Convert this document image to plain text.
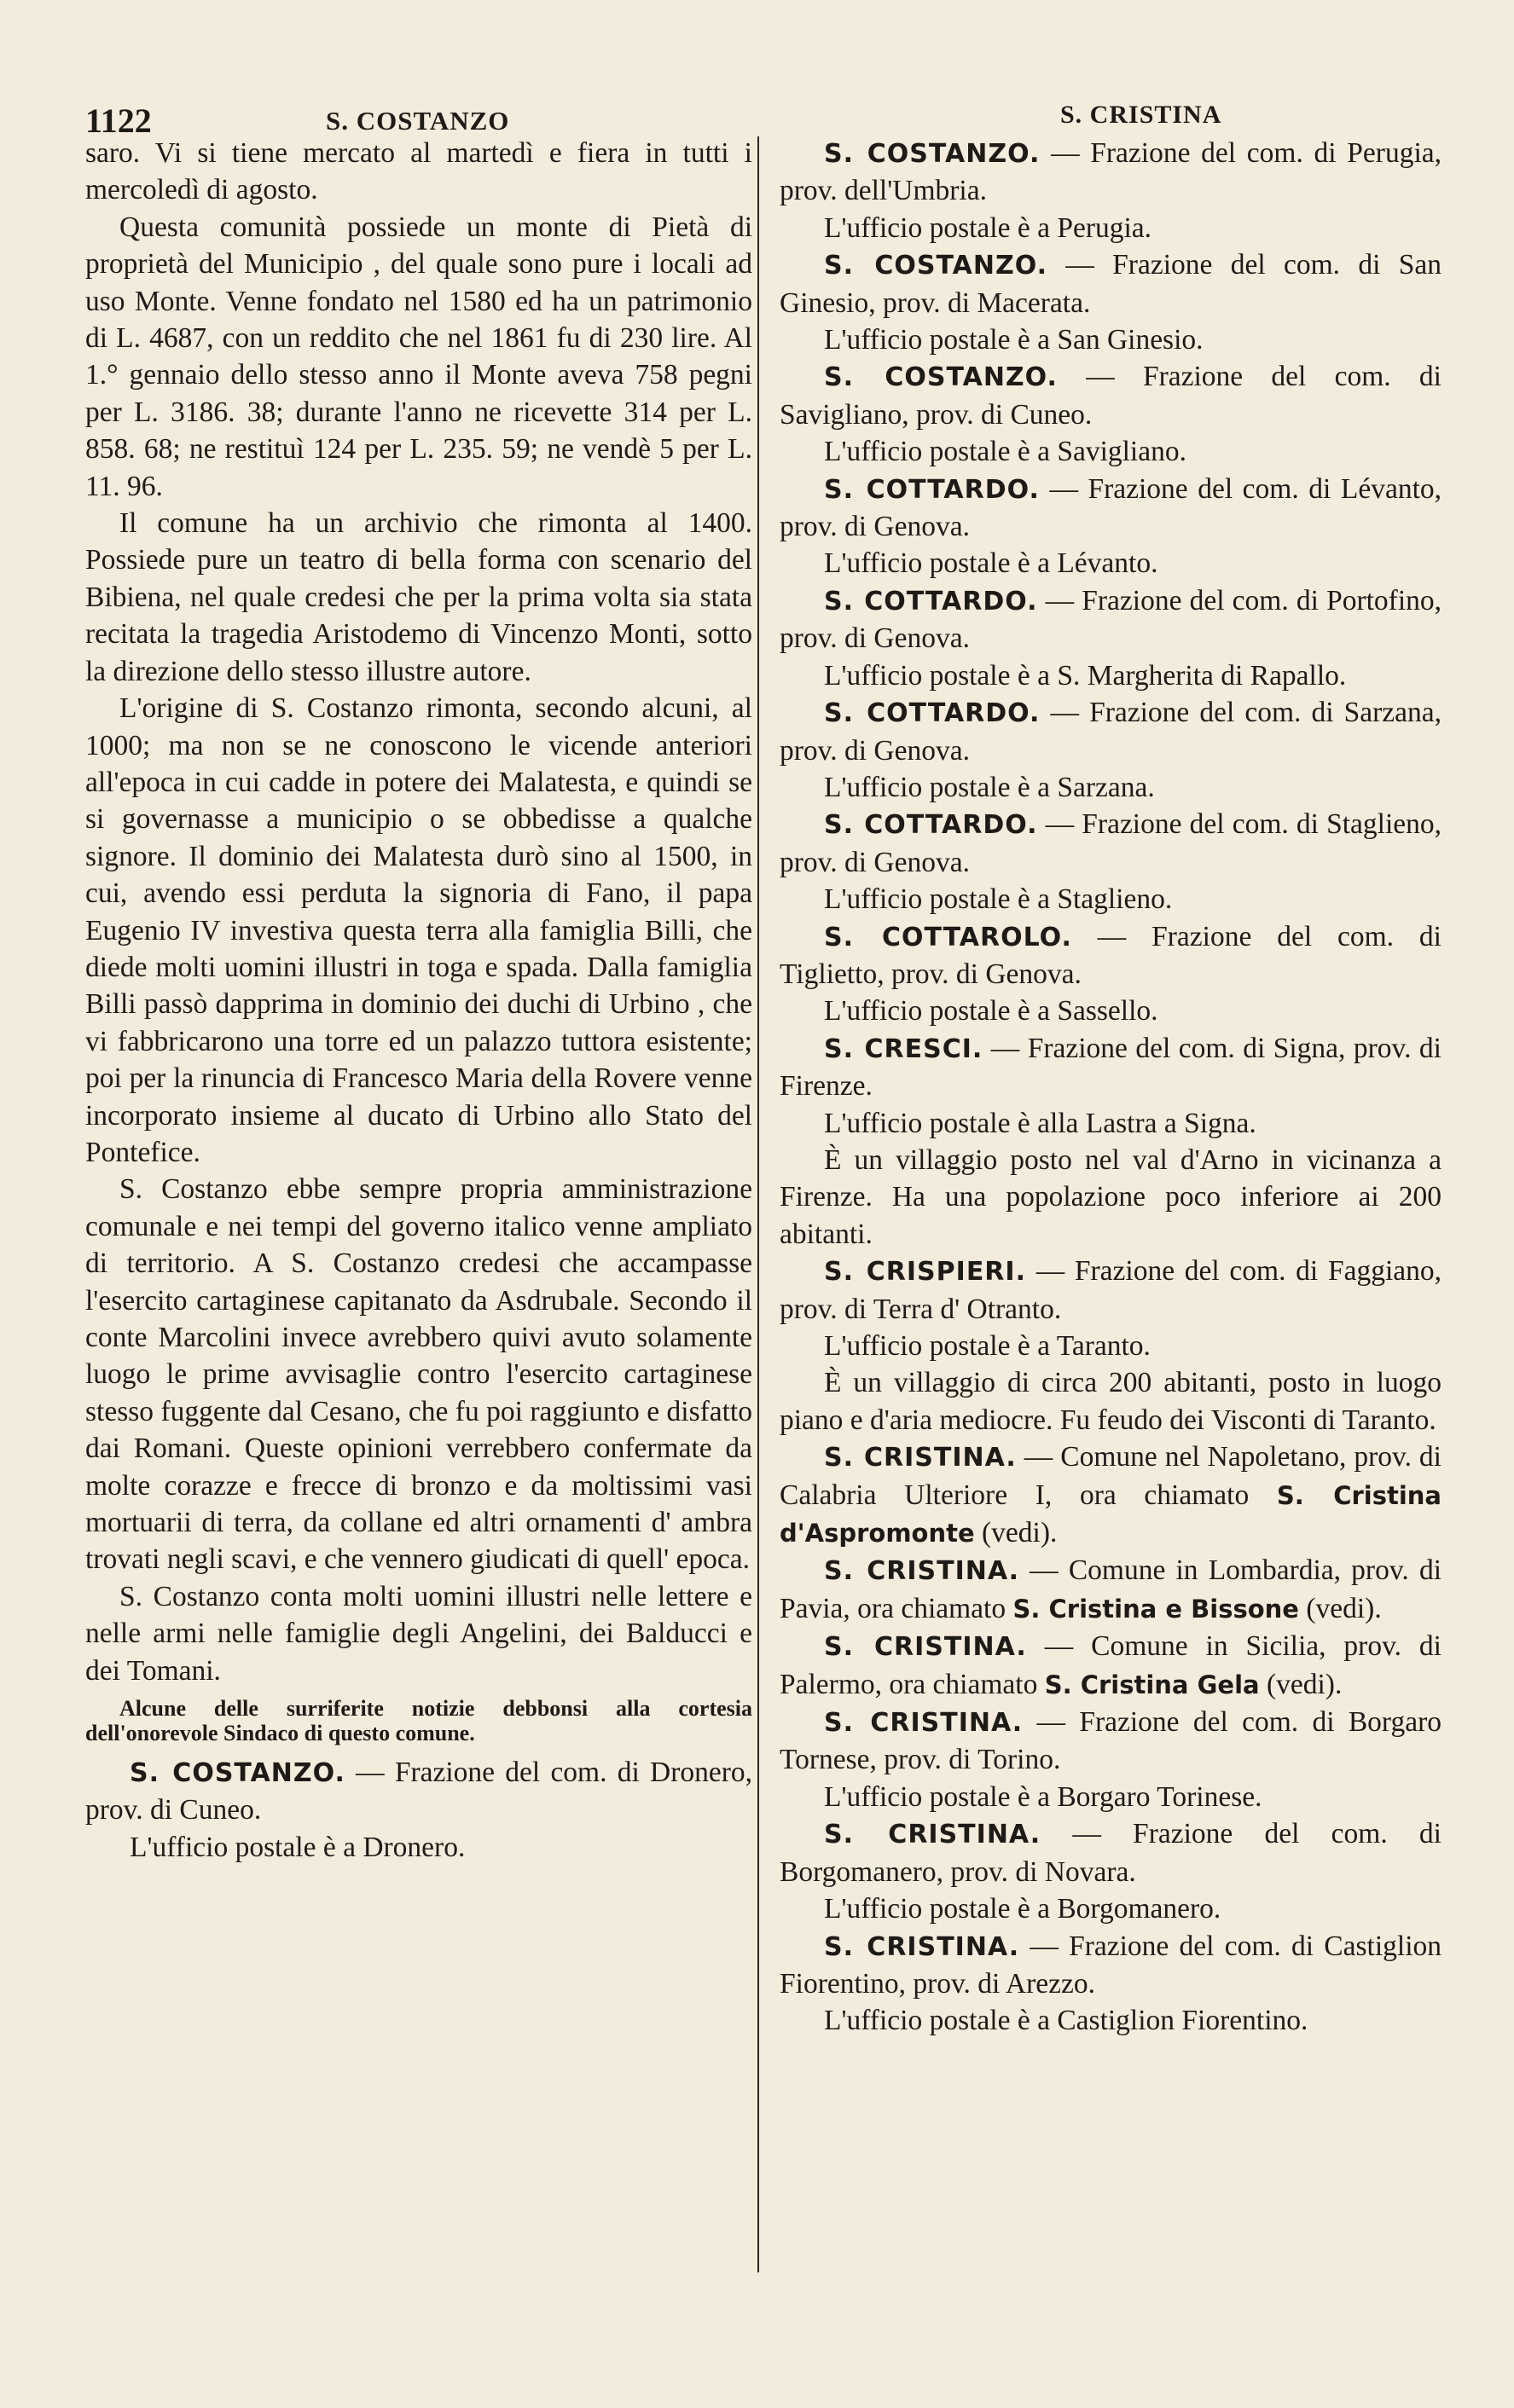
1122	S. COSTANZO	S. CRISTINA

saro. Vi si tiene mercato al martedì e fiera in tutti i mercoledì di agosto.

Questa comunità possiede un monte di Pietà di proprietà del Municipio , del quale sono pure i locali ad uso Monte. Venne fondato nel 1580 ed ha un patrimonio di L. 4687, con un reddito che nel 1861 fu di 230 lire. Al 1.° gennaio dello stesso anno il Monte aveva 758 pegni per L. 3186. 38; durante l'anno ne ricevette 314 per L. 858. 68; ne restituì 124 per L. 235. 59; ne vendè 5 per L. 11. 96.

Il comune ha un archivio che rimonta al 1400. Possiede pure un teatro di bella forma con scenario del Bibiena, nel quale credesi che per la prima volta sia stata recitata la tragedia Aristodemo di Vincenzo Monti, sotto la direzione dello stesso illustre autore.

L'origine di S. Costanzo rimonta, secondo alcuni, al 1000; ma non se ne conoscono le vicende anteriori all'epoca in cui cadde in potere dei Malatesta, e quindi se si governasse a municipio o se obbedisse a qualche signore. Il dominio dei Malatesta durò sino al 1500, in cui, avendo essi perduta la signoria di Fano, il papa Eugenio IV investiva questa terra alla famiglia Billi, che diede molti uomini illustri in toga e spada. Dalla famiglia Billi passò dapprima in dominio dei duchi di Urbino , che vi fabbricarono una torre ed un palazzo tuttora esistente; poi per la rinuncia di Francesco Maria della Rovere venne incorporato insieme al ducato di Urbino allo Stato del Pontefice.

S. Costanzo ebbe sempre propria amministrazione comunale e nei tempi del governo italico venne ampliato di territorio. A S. Costanzo credesi che accampasse l'esercito cartaginese capitanato da Asdrubale. Secondo il conte Marcolini invece avrebbero quivi avuto solamente luogo le prime avvisaglie contro l'esercito cartaginese stesso fuggente dal Cesano, che fu poi raggiunto e disfatto dai Romani. Queste opinioni verrebbero confermate da molte corazze e frecce di bronzo e da moltissimi vasi mortuarii di terra, da collane ed altri ornamenti d' ambra trovati negli scavi, e che vennero giudicati di quell' epoca.

S. Costanzo conta molti uomini illustri nelle lettere e nelle armi nelle famiglie degli Angelini, dei Balducci e dei Tomani.

Alcune delle surriferite notizie debbonsi alla cortesia dell'onorevole Sindaco di questo comune.

S. COSTANZO. — Frazione del com. di Dronero, prov. di Cuneo.

L'ufficio postale è a Dronero.

S. COSTANZO. — Frazione del com. di Perugia, prov. dell'Umbria.

L'ufficio postale è a Perugia.

S. COSTANZO. — Frazione del com. di San Ginesio, prov. di Macerata.

L'ufficio postale è a San Ginesio.

S. COSTANZO. — Frazione del com. di Savigliano, prov. di Cuneo.

L'ufficio postale è a Savigliano.

S. COTTARDO. — Frazione del com. di Lévanto, prov. di Genova.

L'ufficio postale è a Lévanto.

S. COTTARDO. — Frazione del com. di Portofino, prov. di Genova.

L'ufficio postale è a S. Margherita di Rapallo.

S. COTTARDO. — Frazione del com. di Sarzana, prov. di Genova.

L'ufficio postale è a Sarzana.

S. COTTARDO. — Frazione del com. di Staglieno, prov. di Genova.

L'ufficio postale è a Staglieno.

S. COTTAROLO. — Frazione del com. di Tiglietto, prov. di Genova.

L'ufficio postale è a Sassello.

S. CRESCI. — Frazione del com. di Signa, prov. di Firenze.

L'ufficio postale è alla Lastra a Signa.

È un villaggio posto nel val d'Arno in vicinanza a Firenze. Ha una popolazione poco inferiore ai 200 abitanti.

S. CRISPIERI. — Frazione del com. di Faggiano, prov. di Terra d' Otranto.

L'ufficio postale è a Taranto.

È un villaggio di circa 200 abitanti, posto in luogo piano e d'aria mediocre. Fu feudo dei Visconti di Taranto.

S. CRISTINA. — Comune nel Napoletano, prov. di Calabria Ulteriore I, ora chiamato S. Cristina d'Aspromonte (vedi).

S. CRISTINA. — Comune in Lombardia, prov. di Pavia, ora chiamato S. Cristina e Bissone (vedi).

S. CRISTINA. — Comune in Sicilia, prov. di Palermo, ora chiamato S. Cristina Gela (vedi).

S. CRISTINA. — Frazione del com. di Borgaro Tornese, prov. di Torino.

L'ufficio postale è a Borgaro Torinese.

S. CRISTINA. — Frazione del com. di Borgomanero, prov. di Novara.

L'ufficio postale è a Borgomanero.

S. CRISTINA. — Frazione del com. di Castiglion Fiorentino, prov. di Arezzo.

L'ufficio postale è a Castiglion Fiorentino.
